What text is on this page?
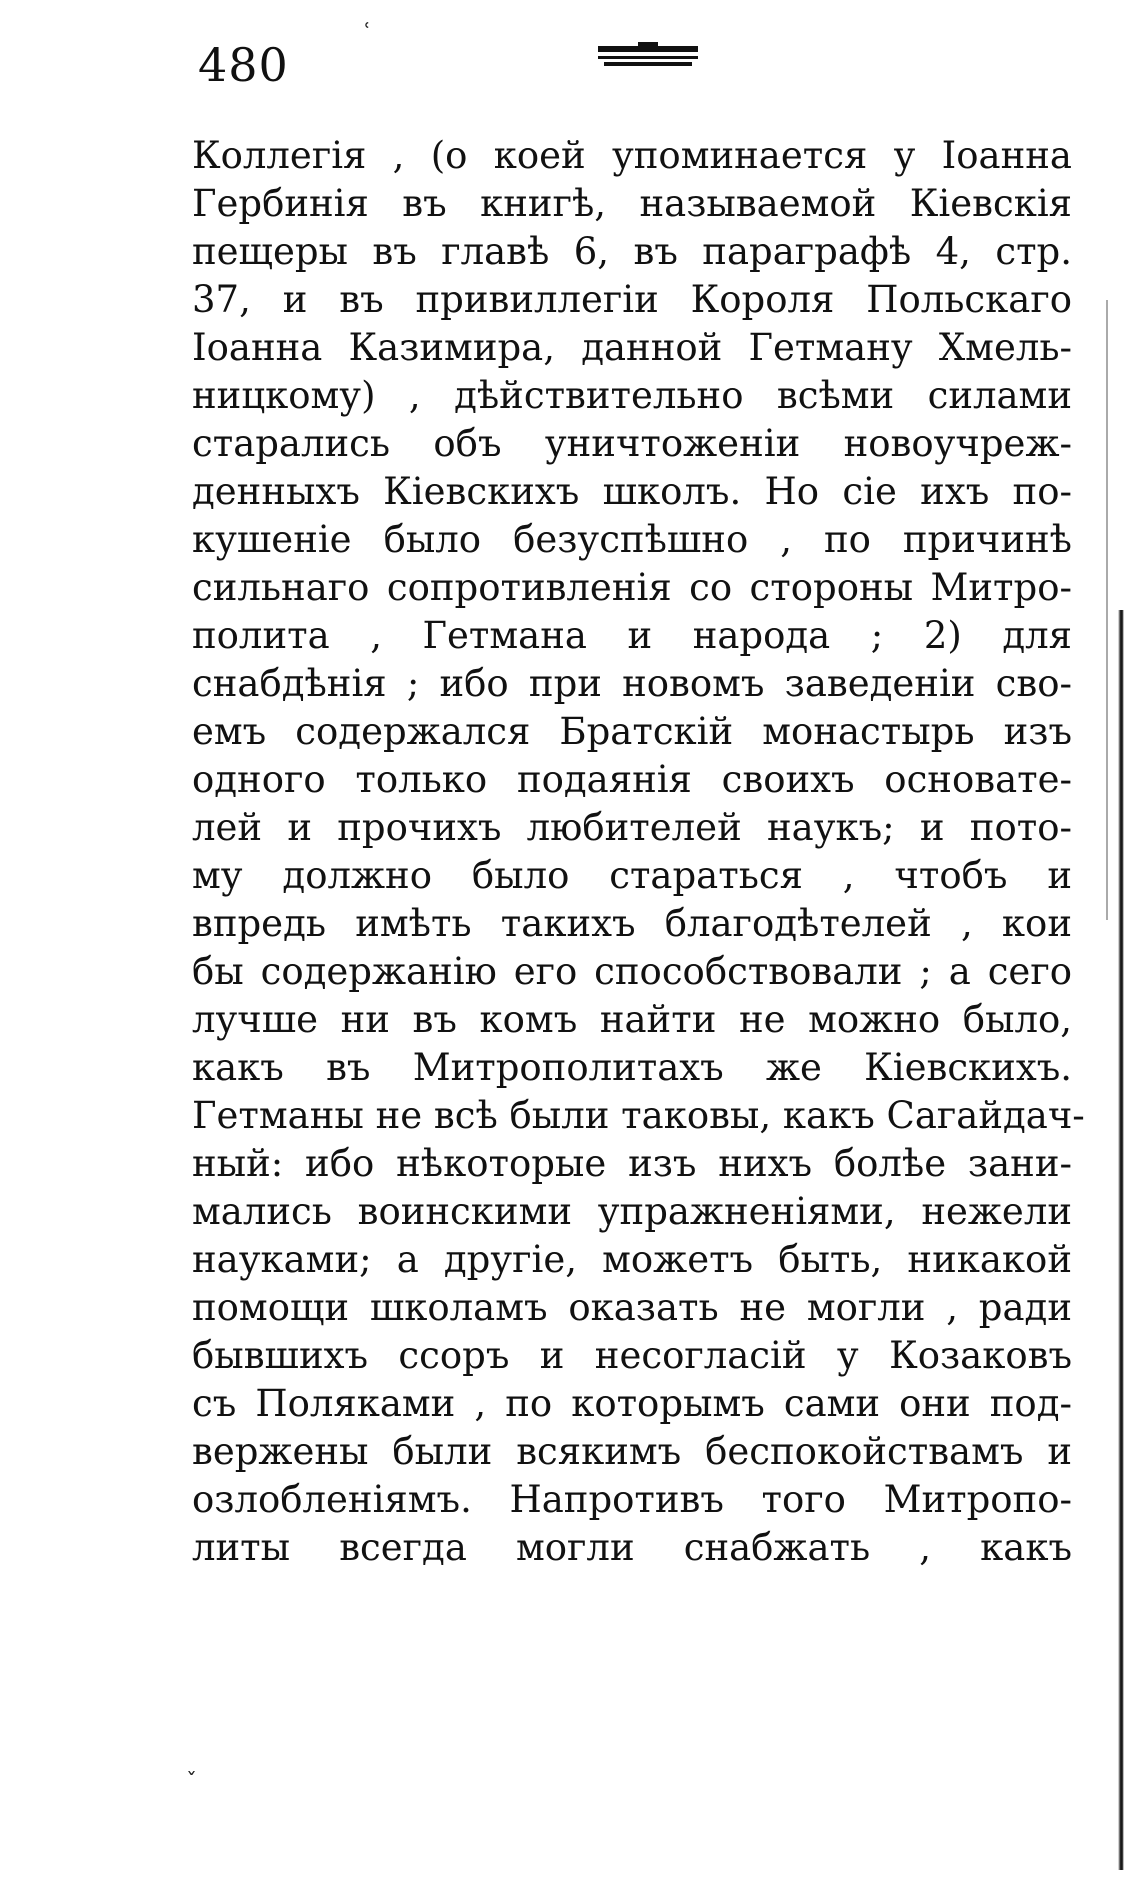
480
Коллегія , (о коей упоминается у Іоанна
Гербинія въ книгѣ, называемой Кіевскія
пещеры въ главѣ 6, въ параграфѣ 4, стр.
37, и въ привиллегіи Короля Польскаго
Іоанна Казимира, данной Гетману Хмель-
ницкому) , дѣйствительно всѣми силами
старались объ уничтоженіи новоучреж-
денныхъ Кіевскихъ школъ. Но сіе ихъ по-
кушеніе было безуспѣшно , по причинѣ
сильнаго сопротивленія со стороны Митро-
полита , Гетмана и народа ; 2) для
снабдѣнія ; ибо при новомъ заведеніи сво-
емъ содержался Братскій монастырь изъ
одного только подаянія своихъ основате-
лей и прочихъ любителей наукъ; и пото-
му должно было стараться , чтобъ и
впредь имѣть такихъ благодѣтелей , кои
бы содержанію его способствовали ; а сего
лучше ни въ комъ найти не можно было,
какъ въ Митрополитахъ же Кіевскихъ.
Гетманы не всѣ были таковы, какъ Сагайдач-
ный: ибо нѣкоторые изъ нихъ болѣе зани-
мались воинскими упражненіями, нежели
науками; а другіе, можетъ быть, никакой
помощи школамъ оказать не могли , ради
бывшихъ ссоръ и несогласій у Козаковъ
съ Поляками , по которымъ сами они под-
вержены были всякимъ беспокойствамъ и
озлобленіямъ. Напротивъ того Митропо-
литы всегда могли снабжать , какъ
ˇ
ʿ
